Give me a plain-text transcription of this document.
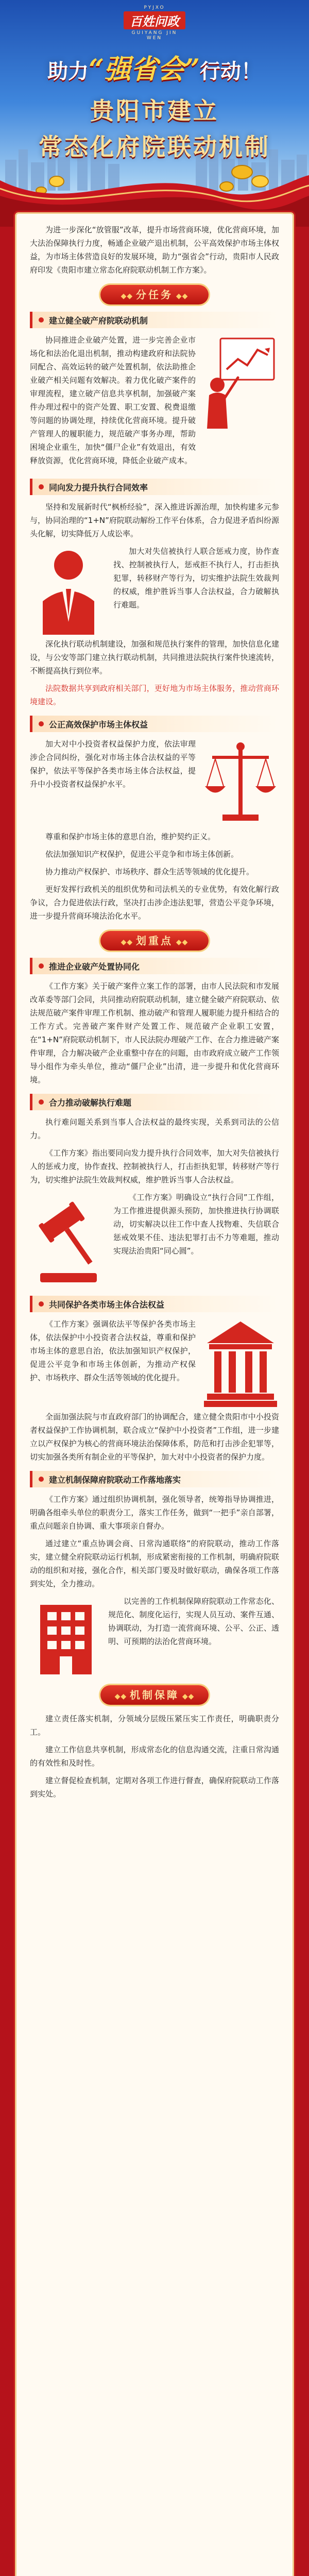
PYJXO
百姓问政
GUIYANG JIN WEN
助力“强省会”行动！
贵阳市建立
常态化府院联动机制

为进一步深化“放管服”改革，提升市场营商环境，优化营商环境，加大法治保障执行力度，畅通企业破产退出机制，公平高效保护市场主体权益，为市场主体营造良好的发展环境，助力“强省会”行动，贵阳市人民政府印发《贵阳市建立常态化府院联动机制工作方案》。

◆◆ 分任务 ◆◆
建立健全破产府院联动机制

协同推进企业破产处置，进一步完善企业市场化和法治化退出机制，推动构建政府和法院协同配合、高效运转的破产处置机制，依法助推企业破产相关问题有效解决。着力优化破产案件的审理流程，建立破产信息共享机制，加强破产案件办理过程中的资产处置、职工安置、税费退缴等问题的协调处理，持续优化营商环境。提升破产管理人的履职能力，规范破产事务办理，帮助困境企业重生，加快“僵尸企业”有效退出，有效释放资源，优化营商环境，降低企业破产成本。

同向发力提升执行合同效率

坚持和发展新时代“枫桥经验”，深入推进诉源治理，加快构建多元参与，协同治理的“1+N”府院联动解纷工作平台体系，合力促进矛盾纠纷源头化解，切实降低万人成讼率。

加大对失信被执行人联合惩戒力度，协作查找、控制被执行人，惩戒拒不执行人，打击拒执犯罪，转移财产等行为，切实维护法院生效裁判的权威，维护胜诉当事人合法权益，合力破解执行难题。

深化执行联动机制建设，加强和规范执行案件的管理，加快信息化建设，与公安等部门建立执行联动机制，共同推进法院执行案件快速流转，不断提高执行到位率。

法院数据共享到政府相关部门，更好地为市场主体服务，推动营商环境建设。

公正高效保护市场主体权益

加大对中小投资者权益保护力度，依法审理涉企合同纠纷，强化对市场主体合法权益的平等保护，依法平等保护各类市场主体合法权益，提升中小投资者权益保护水平。

尊重和保护市场主体的意思自治，维护契约正义。

依法加强知识产权保护，促进公平竞争和市场主体创新。

协力推动产权保护、市场秩序、群众生活等领域的优化提升。

更好发挥行政机关的组织优势和司法机关的专业优势，有效化解行政争议，合力促进依法行政，坚决打击涉企违法犯罪，营造公平竞争环境，进一步提升营商环境法治化水平。

◆◆ 划重点 ◆◆
推进企业破产处置协同化

《工作方案》关于破产案件立案工作的部署，由市人民法院和市发展改革委等部门会同，共同推动府院联动机制，建立健全破产府院联动、依法规范破产案件审理工作机制、推动破产和管理人履职能力提升相结合的工作方式。完善破产案件财产处置工作、规范破产企业职工安置，在“1+N”府院联动机制下，市人民法院办理破产工作、在合力推进破产案件审理，合力解决破产企业重整中存在的问题，由市政府成立破产工作领导小组作为牵头单位，推动“僵尸企业”出清，进一步提升和优化营商环境。

合力推动破解执行难题

执行难问题关系到当事人合法权益的最终实现，关系到司法的公信力。

《工作方案》指出要同向发力提升执行合同效率，加大对失信被执行人的惩戒力度，协作查找、控制被执行人，打击拒执犯罪，转移财产等行为，切实维护法院生效裁判权威，维护胜诉当事人合法权益。

《工作方案》明确设立“执行合同”工作组，为工作推进提供源头预防，加快推进执行协调联动，切实解决以往工作中查人找物难、失信联合惩戒效果不佳、违法犯罪打击不力等难题，推动实现法治贵阳“同心圆”。

共同保护各类市场主体合法权益

《工作方案》强调依法平等保护各类市场主体，依法保护中小投资者合法权益，尊重和保护市场主体的意思自治，依法加强知识产权保护，促进公平竞争和市场主体创新，为推动产权保护、市场秩序、群众生活等领域的优化提升。

全面加强法院与市直政府部门的协调配合，建立健全贵阳市中小投资者权益保护工作协调机制，联合成立“保护中小投资者”工作组，进一步建立以产权保护为核心的营商环境法治保障体系，防范和打击涉企犯罪等，切实加强各类所有制企业的平等保护，加大对中小投资者的保护力度。

建立机制保障府院联动工作落地落实

《工作方案》通过组织协调机制，强化领导者，统筹指导协调推进，明确各组牵头单位的职责分工，落实工作任务，做到“一把手”亲自部署，重点问题亲自协调、重大事项亲自督办。

通过建立“重点协调会商、日常沟通联络”的府院联动，推动工作落实，建立健全府院联动运行机制，形成紧密衔接的工作机制，明确府院联动的组织和对接，强化合作，相关部门要及时做好联动，确保各项工作落到实处，全力推动。

以完善的工作机制保障府院联动工作常态化、规范化、制度化运行，实现人员互动、案件互通、协调联动，为打造一流营商环境、公平、公正、透明、可预期的法治化营商环境。

◆◆ 机制保障 ◆◆

建立责任落实机制，分领域分层级压紧压实工作责任，明确职责分工。

建立工作信息共享机制，形成常态化的信息沟通交流，注重日常沟通的有效性和及时性。

建立督促检查机制，定期对各项工作进行督查，确保府院联动工作落到实处。
